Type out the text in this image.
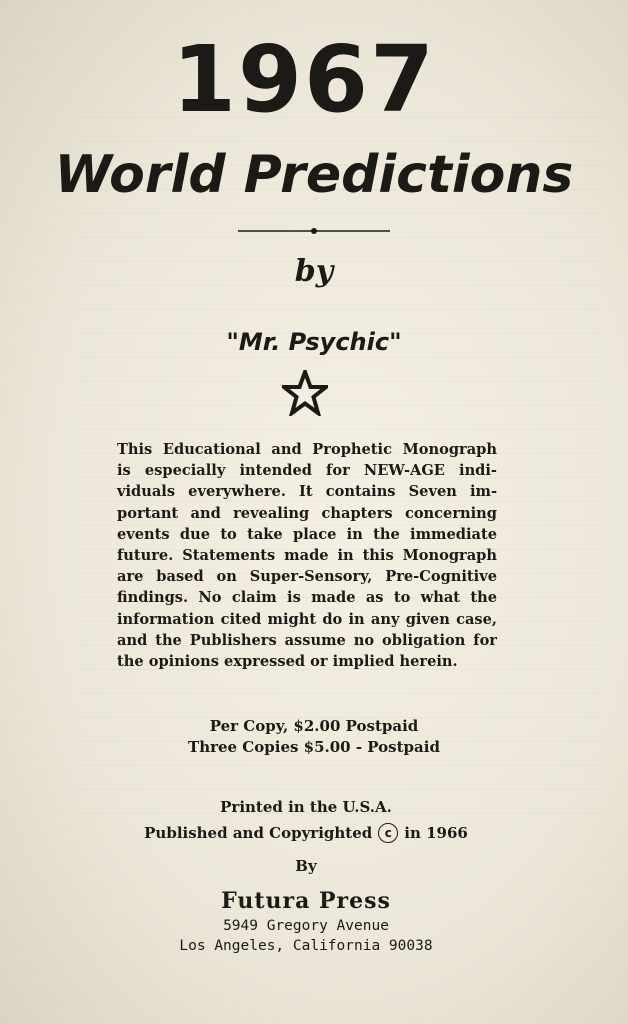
1967
World Predictions
by
"Mr. Psychic"
This Educational and Prophetic Monograph
is especially intended for NEW-AGE indi-
viduals everywhere. It contains Seven im-
portant and revealing chapters concerning
events due to take place in the immediate
future. Statements made in this Monograph
are based on Super-Sensory, Pre-Cognitive
findings. No claim is made as to what the
information cited might do in any given case,
and the Publishers assume no obligation for
the opinions expressed or implied herein.
Per Copy, $2.00 Postpaid
Three Copies $5.00 - Postpaid
Printed in the U.S.A.
Published and Copyrighted	c in 1966
By
Futura Press
5949 Gregory Avenue
Los Angeles, California 90038
